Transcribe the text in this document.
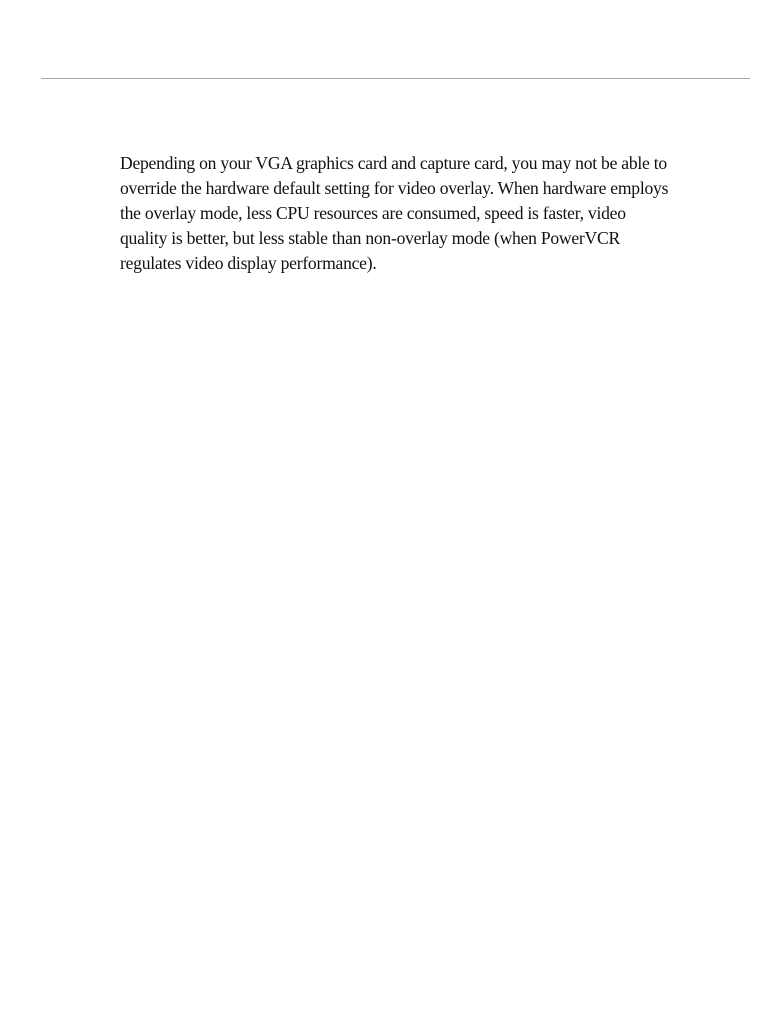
Depending on your VGA graphics card and capture card, you may not be able to
override the hardware default setting for video overlay. When hardware employs
the overlay mode, less CPU resources are consumed, speed is faster, video
quality is better, but less stable than non-overlay mode (when PowerVCR
regulates video display performance).
